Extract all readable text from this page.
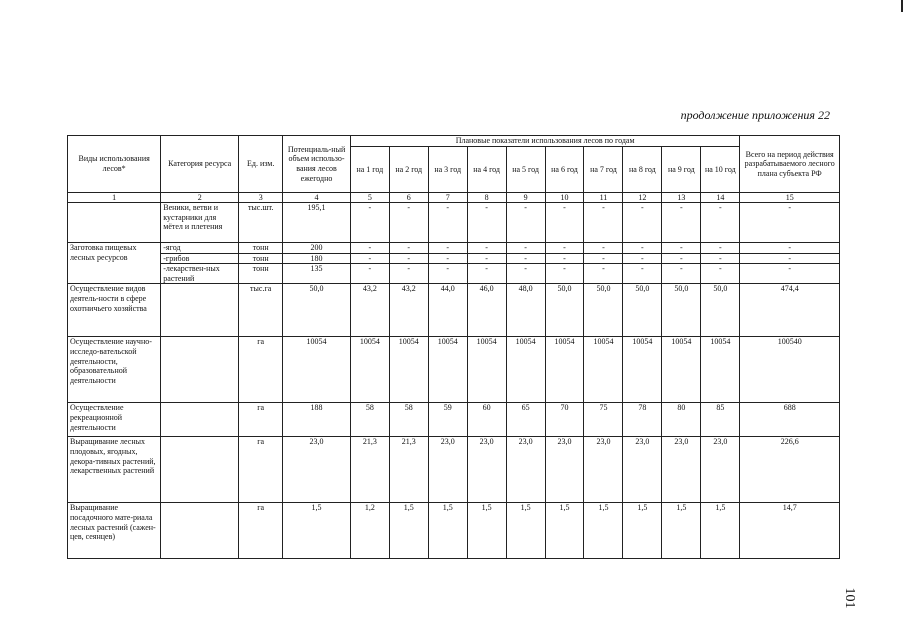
продолжение приложения 22
Виды использования лесов*	Категория ресурса	Ед. изм.	Потенциаль-ный объем использо-вания лесов ежегодно	Плановые показатели использования лесов по годам										Всего на период действия разрабатываемого лесного плана субъекта РФ
				на 1 год	на 2 год	на 3 год	на 4 год	на 5 год	на 6 год	на 7 год	на 8 год	на 9 год	на 10 год	
1	2	3	4	5	6	7	8	9	10	11	12	13	14	15
	Веники, ветви и кустарники для мётел и плетения	тыс.шт.	195,1	-	-	-	-	-	-	-	-	-	-	-
Заготовка пищевых лесных ресурсов	-ягод	тонн	200	-	-	-	-	-	-	-	-	-	-	-
	-грибов	тонн	180	-	-	-	-	-	-	-	-	-	-	-
	-лекарствен-ных растений	тонн	135	-	-	-	-	-	-	-	-	-	-	-
Осуществление видов деятель-ности в сфере охотничьего хозяйства		тыс.га	50,0	43,2	43,2	44,0	46,0	48,0	50,0	50,0	50,0	50,0	50,0	474,4
Осуществление научно-исследо-вательской деятельности, образовательной деятельности		га	10054	10054	10054	10054	10054	10054	10054	10054	10054	10054	10054	100540
Осуществление рекреационной деятельности		га	188	58	58	59	60	65	70	75	78	80	85	688
Выращивание лесных плодовых, ягодных, декора-тивных растений, лекарственных растений		га	23,0	21,3	21,3	23,0	23,0	23,0	23,0	23,0	23,0	23,0	23,0	226,6
Выращивание посадочного мате-риала лесных растений (сажен-цев, сеянцев)		га	1,5	1,2	1,5	1,5	1,5	1,5	1,5	1,5	1,5	1,5	1,5	14,7
101
